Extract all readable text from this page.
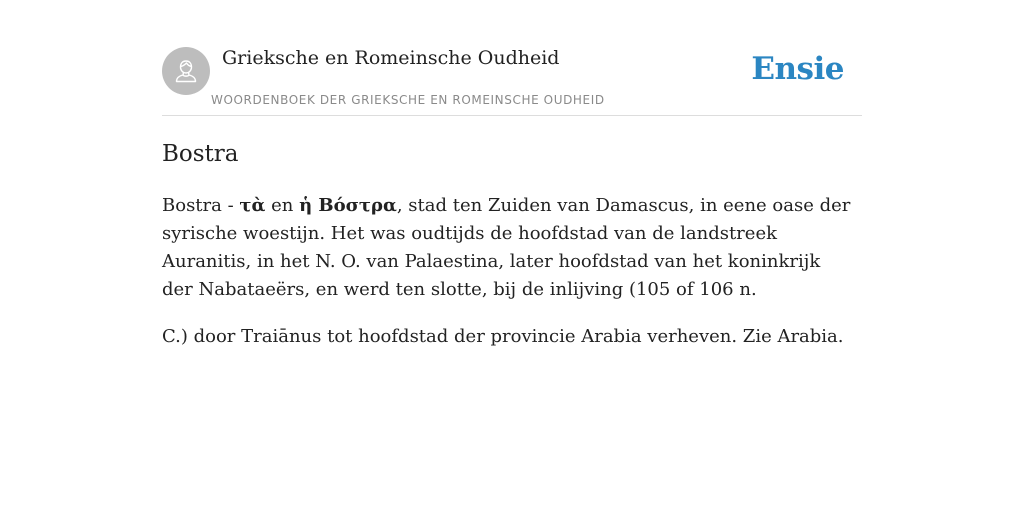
Grieksche en Romeinsche Oudheid
WOORDENBOEK DER GRIEKSCHE EN ROMEINSCHE OUDHEID
Ensie
Bostra

Bostra - τὰ en ἡ Βόστρα, stad ten Zuiden van Damascus, in eene oase der syrische woestijn. Het was oudtijds de hoofdstad van de landstreek Auranitis, in het N. O. van Palaestina, later hoofdstad van het koninkrijk der Nabataeërs, en werd ten slotte, bij de inlijving (105 of 106 n.

C.) door Traiānus tot hoofdstad der provincie Arabia verheven. Zie Arabia.
